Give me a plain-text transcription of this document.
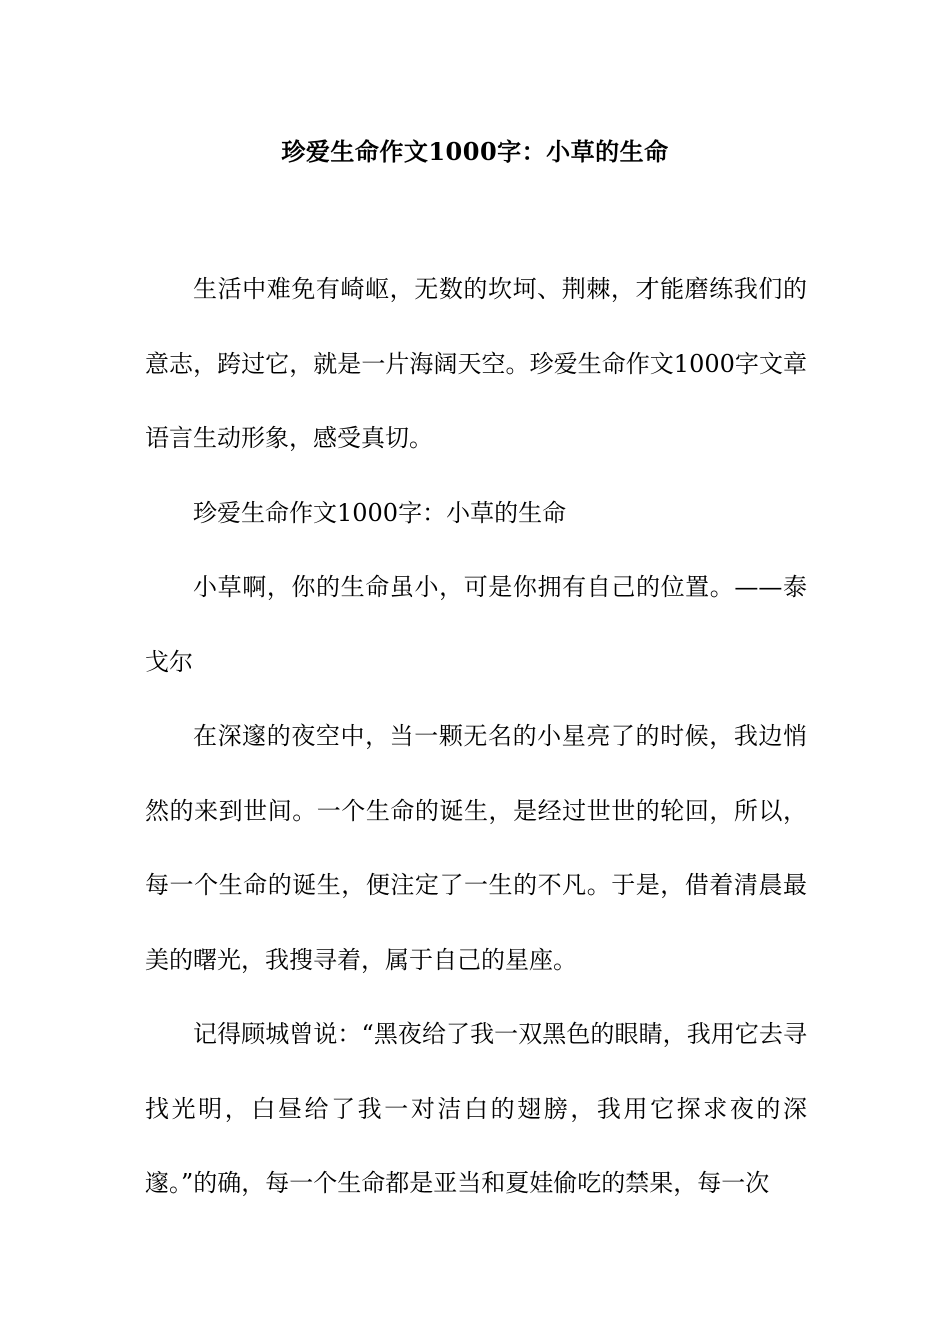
珍爱生命作文1000字：小草的生命

生活中难免有崎岖，无数的坎坷、荆棘，才能磨练我们的意志，跨过它，就是一片海阔天空。珍爱生命作文1000字文章语言生动形象，感受真切。

珍爱生命作文1000字：小草的生命

小草啊，你的生命虽小，可是你拥有自己的位置。——泰戈尔

在深邃的夜空中，当一颗无名的小星亮了的时候，我边悄然的来到世间。一个生命的诞生，是经过世世的轮回，所以，每一个生命的诞生，便注定了一生的不凡。于是，借着清晨最美的曙光，我搜寻着，属于自己的星座。

记得顾城曾说：“黑夜给了我一双黑色的眼睛，我用它去寻找光明，白昼给了我一对洁白的翅膀，我用它探求夜的深邃。”的确，每一个生命都是亚当和夏娃偷吃的禁果，每一次
